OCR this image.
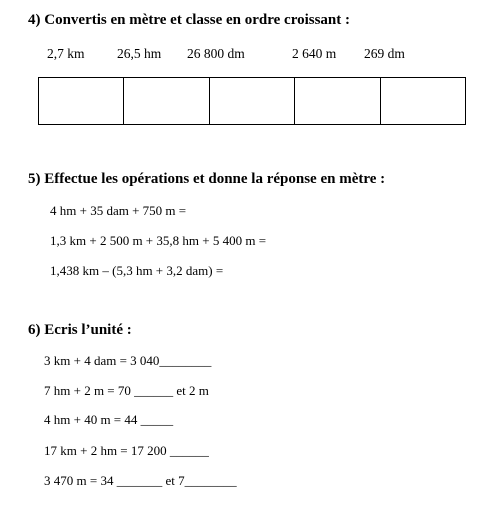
4) Convertis en mètre et classe en ordre croissant :
2,7 km 26,5 hm 26 800 dm	2 640 m 269 dm
5) Effectue les opérations et donne la réponse en mètre :
4 hm + 35 dam + 750 m =
1,3 km + 2 500 m + 35,8 hm + 5 400 m =
1,438 km – (5,3 hm + 3,2 dam) =
6) Ecris l’unité :
3 km + 4 dam = 3 040________
7 hm + 2 m = 70 ______ et 2 m
4 hm + 40 m = 44 _____
17 km + 2 hm = 17 200 ______
3 470 m = 34 _______ et 7________
